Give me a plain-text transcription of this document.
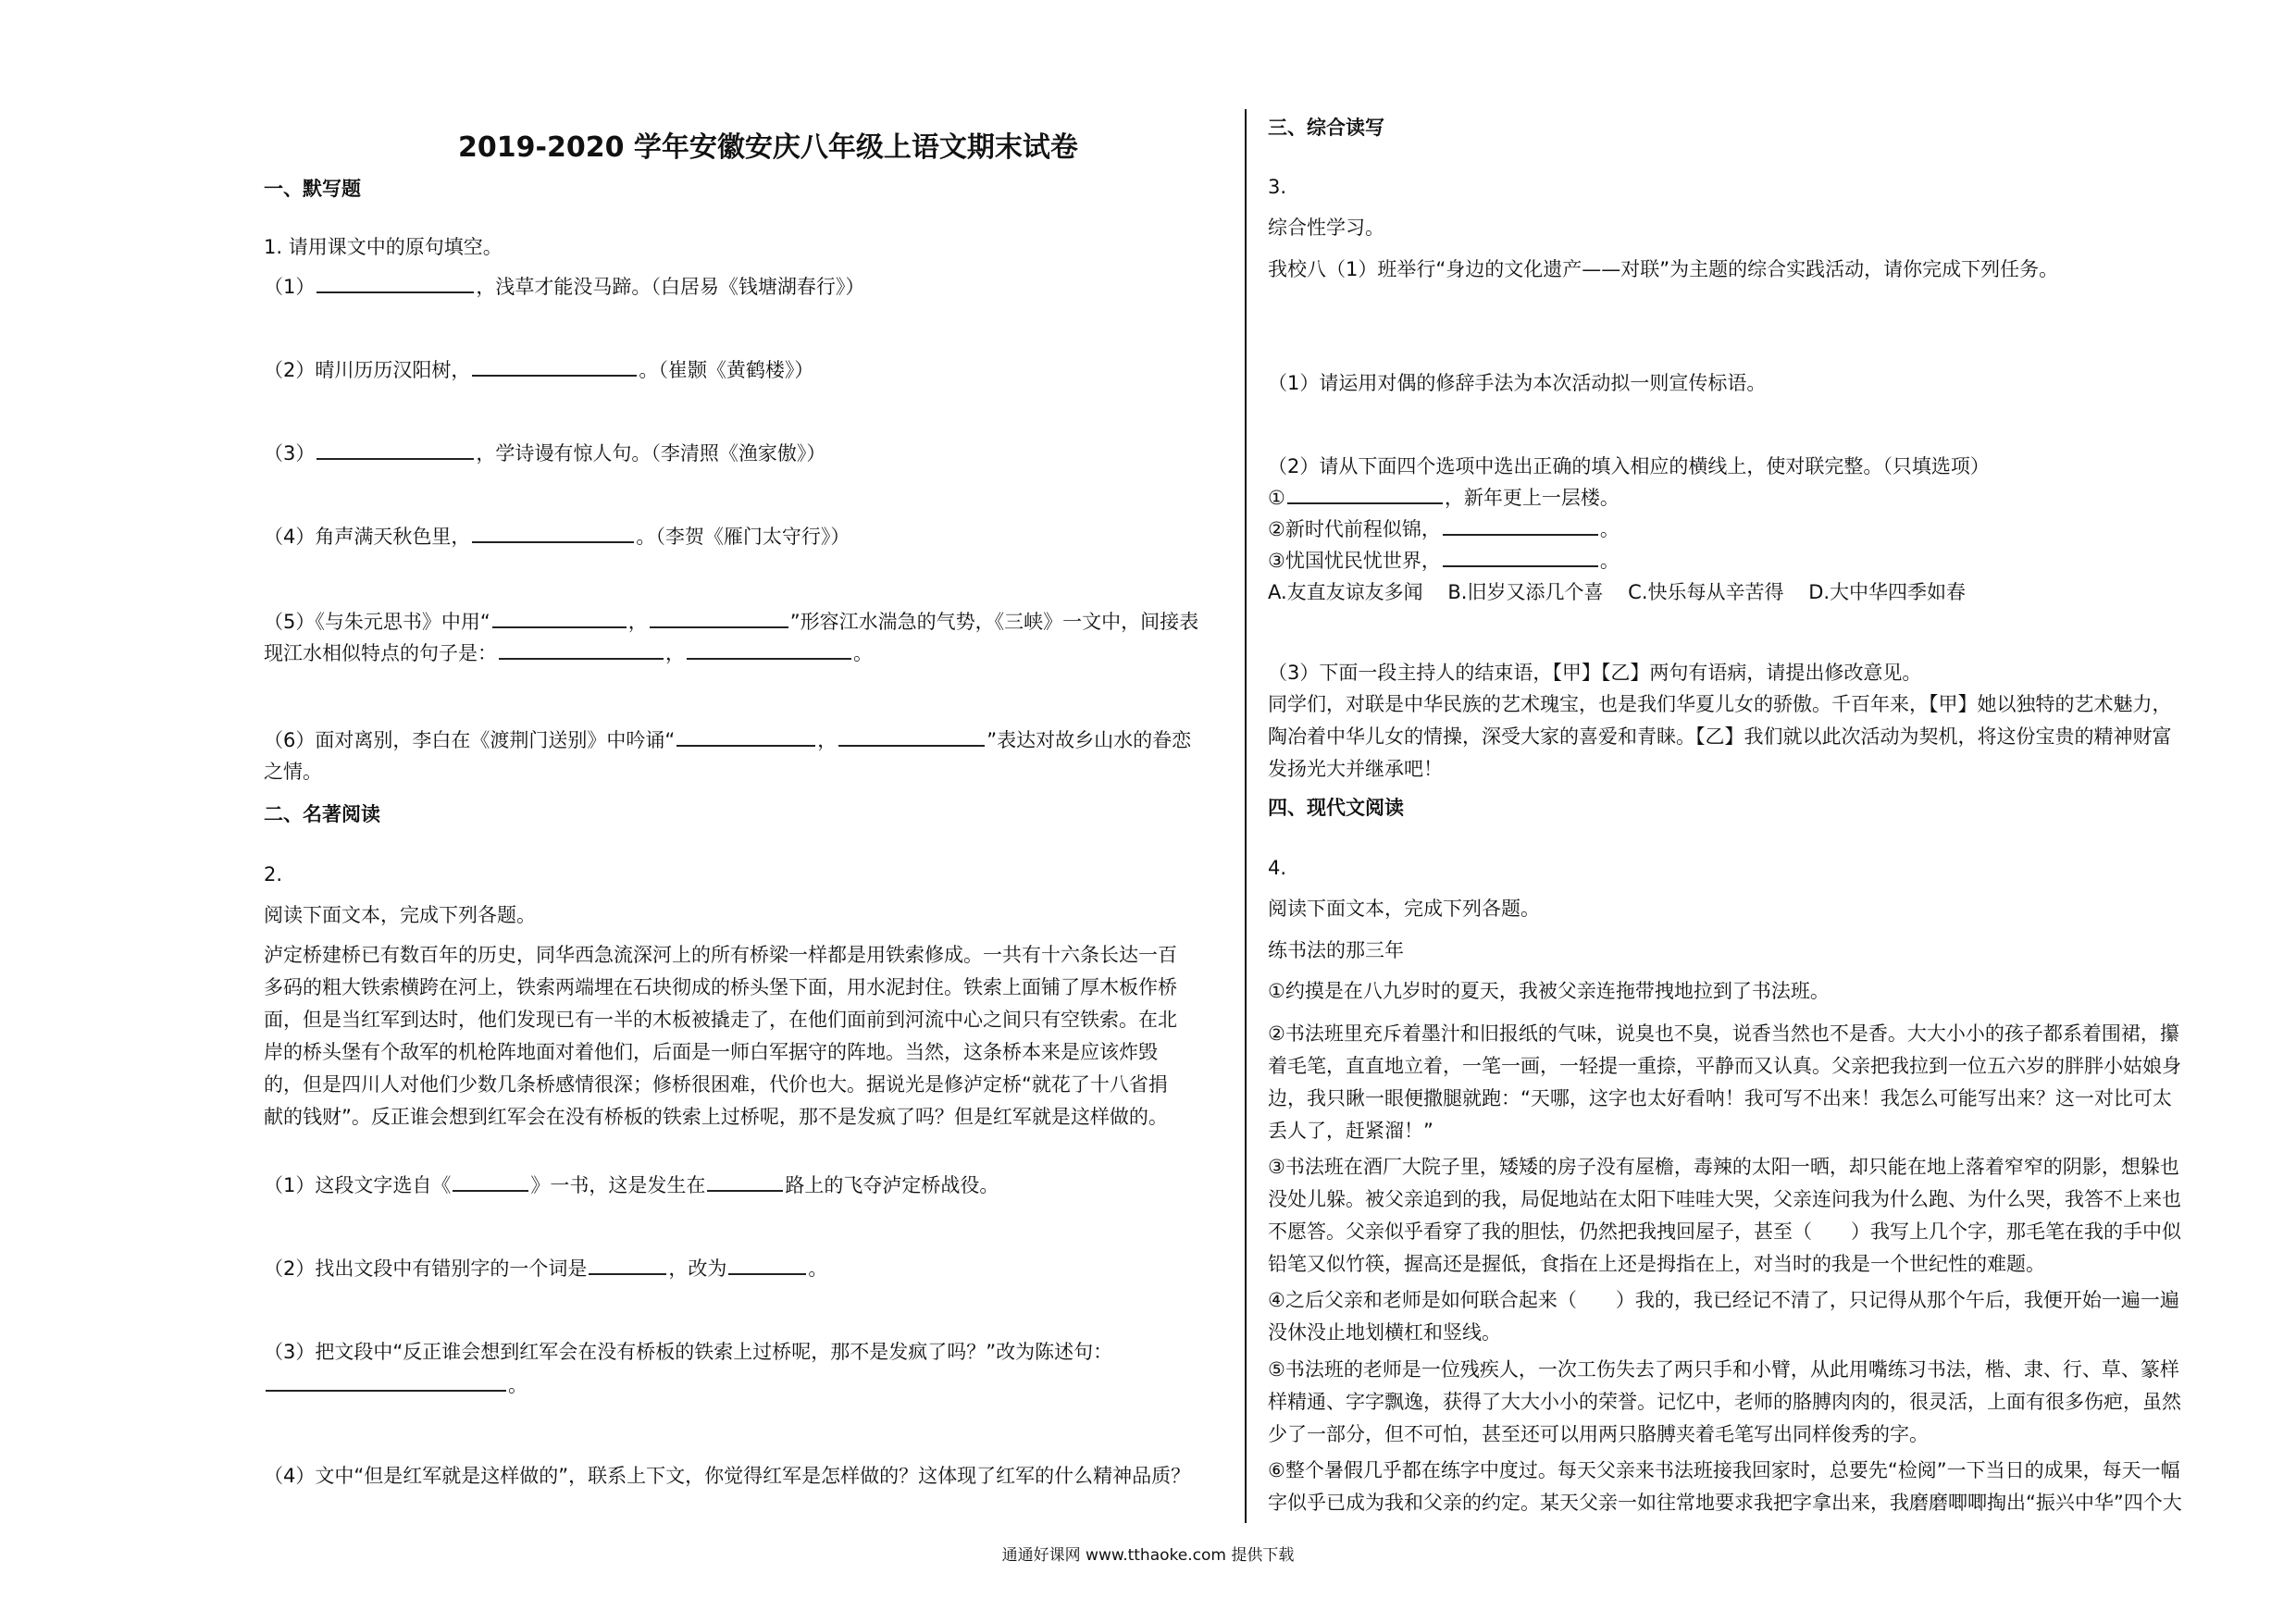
2019-2020 学年安徽安庆八年级上语文期末试卷
一、默写题
1. 请用课文中的原句填空。
（1）	，浅草才能没马蹄。（白居易《钱塘湖春行》）
（2）晴川历历汉阳树，	。（崔颢《黄鹤楼》）
（3）	，学诗谩有惊人句。（李清照《渔家傲》）
（4）角声满天秋色里，	。（李贺《雁门太守行》）
（5）《与朱元思书》中用“	，	”形容江水湍急的气势，《三峡》一文中，间接表
现江水相似特点的句子是：	，	。
（6）面对离别，李白在《渡荆门送别》中吟诵“	，	”表达对故乡山水的眷恋
之情。
二、名著阅读
2.
阅读下面文本，完成下列各题。
泸定桥建桥已有数百年的历史，同华西急流深河上的所有桥梁一样都是用铁索修成。一共有十六条长达一百
多码的粗大铁索横跨在河上，铁索两端埋在石块彻成的桥头堡下面，用水泥封住。铁索上面铺了厚木板作桥
面，但是当红军到达时，他们发现已有一半的木板被撬走了，在他们面前到河流中心之间只有空铁索。在北
岸的桥头堡有个敌军的机枪阵地面对着他们，后面是一师白军据守的阵地。当然，这条桥本来是应该炸毁
的，但是四川人对他们少数几条桥感情很深；修桥很困难，代价也大。据说光是修泸定桥“就花了十八省捐
献的钱财”。反正谁会想到红军会在没有桥板的铁索上过桥呢，那不是发疯了吗？但是红军就是这样做的。
（1）这段文字选自《	》一书，这是发生在	路上的飞夺泸定桥战役。
（2）找出文段中有错别字的一个词是	，改为	。
（3）把文段中“反正谁会想到红军会在没有桥板的铁索上过桥呢，那不是发疯了吗？”改为陈述句：
。
（4）文中“但是红军就是这样做的”，联系上下文，你觉得红军是怎样做的？这体现了红军的什么精神品质？
三、综合读写
3.
综合性学习。
我校八（1）班举行“身边的文化遗产——对联”为主题的综合实践活动，请你完成下列任务。
（1）请运用对偶的修辞手法为本次活动拟一则宣传标语。
（2）请从下面四个选项中选出正确的填入相应的横线上，使对联完整。（只填选项）
①	，新年更上一层楼。
②新时代前程似锦，	。
③忧国忧民忧世界，	。
A.友直友谅友多闻    B.旧岁又添几个喜    C.快乐每从辛苦得    D.大中华四季如春
（3）下面一段主持人的结束语，【甲】【乙】两句有语病，请提出修改意见。
同学们，对联是中华民族的艺术瑰宝，也是我们华夏儿女的骄傲。千百年来，【甲】她以独特的艺术魅力，
陶冶着中华儿女的情操，深受大家的喜爱和青睐。【乙】我们就以此次活动为契机，将这份宝贵的精神财富
发扬光大并继承吧！
四、现代文阅读
4.
阅读下面文本，完成下列各题。
练书法的那三年
①约摸是在八九岁时的夏天，我被父亲连拖带拽地拉到了书法班。
②书法班里充斥着墨汁和旧报纸的气味，说臭也不臭，说香当然也不是香。大大小小的孩子都系着围裙，攥
着毛笔，直直地立着，一笔一画，一轻提一重捺，平静而又认真。父亲把我拉到一位五六岁的胖胖小姑娘身
边，我只瞅一眼便撒腿就跑：“天哪，这字也太好看呐！我可写不出来！我怎么可能写出来？这一对比可太
丢人了，赶紧溜！”
③书法班在酒厂大院子里，矮矮的房子没有屋檐，毒辣的太阳一晒，却只能在地上落着窄窄的阴影，想躲也
没处儿躲。被父亲追到的我，局促地站在太阳下哇哇大哭，父亲连问我为什么跑、为什么哭，我答不上来也
不愿答。父亲似乎看穿了我的胆怯，仍然把我拽回屋子，甚至（　　）我写上几个字，那毛笔在我的手中似
铅笔又似竹筷，握高还是握低，食指在上还是拇指在上，对当时的我是一个世纪性的难题。
④之后父亲和老师是如何联合起来（　　）我的，我已经记不清了，只记得从那个午后，我便开始一遍一遍
没休没止地划横杠和竖线。
⑤书法班的老师是一位残疾人，一次工伤失去了两只手和小臂，从此用嘴练习书法，楷、隶、行、草、篆样
样精通、字字飘逸，获得了大大小小的荣誉。记忆中，老师的胳膊肉肉的，很灵活，上面有很多伤疤，虽然
少了一部分，但不可怕，甚至还可以用两只胳膊夹着毛笔写出同样俊秀的字。
⑥整个暑假几乎都在练字中度过。每天父亲来书法班接我回家时，总要先“检阅”一下当日的成果，每天一幅
字似乎已成为我和父亲的约定。某天父亲一如往常地要求我把字拿出来，我磨磨唧唧掏出“振兴中华”四个大
通通好课网 www.tthaoke.com 提供下载
